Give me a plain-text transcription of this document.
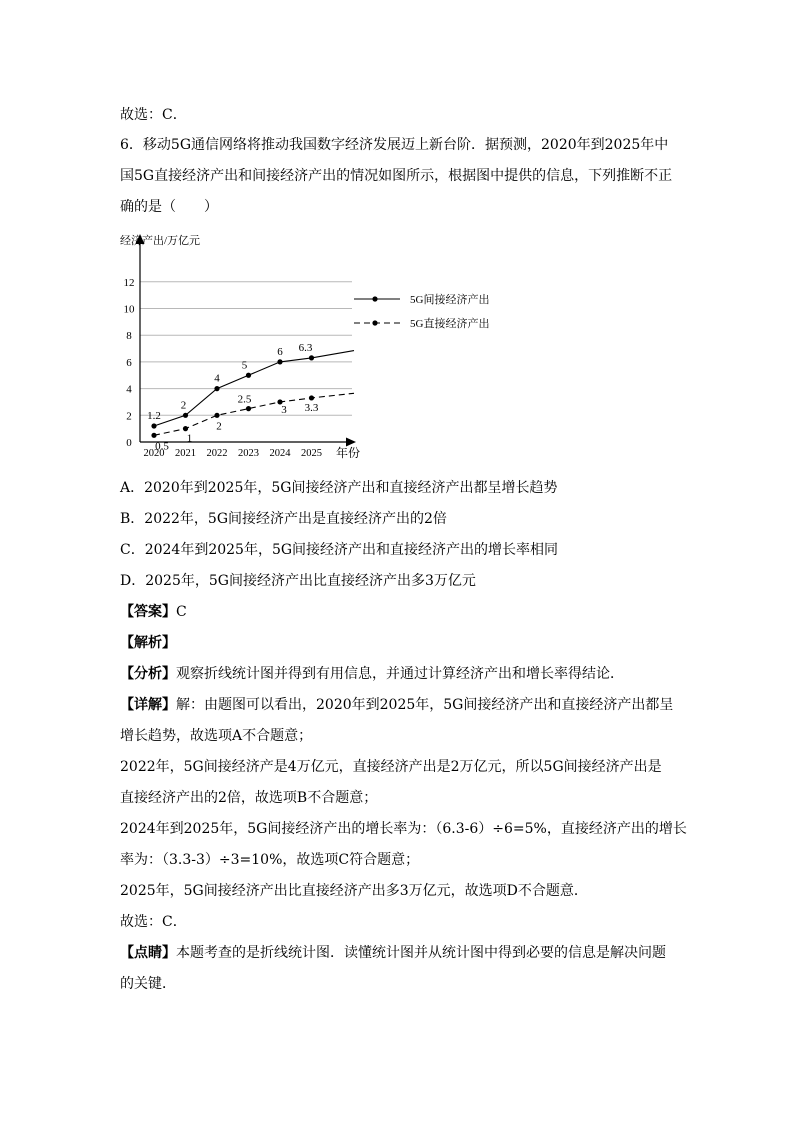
故选：C．
6．移动5G通信网络将推动我国数字经济发展迈上新台阶．据预测，2020年到2025年中
国5G直接经济产出和间接经济产出的情况如图所示，根据图中提供的信息，下列推断不正
确的是（　　）
经济产出/万亿元
年份
0
2
4
6
8
10
12
2020 2021 2022 2023 2024 2025
1.2
2
4
5
6 6.3
0.5
1
2
2.5
3 3.3
5G间接经济产出
5G直接经济产出
A．2020年到2025年，5G间接经济产出和直接经济产出都呈增长趋势
B．2022年，5G间接经济产出是直接经济产出的2倍
C．2024年到2025年，5G间接经济产出和直接经济产出的增长率相同
D．2025年，5G间接经济产出比直接经济产出多3万亿元
【答案】C
【解析】
【分析】观察折线统计图并得到有用信息，并通过计算经济产出和增长率得结论．
【详解】解：由题图可以看出，2020年到2025年，5G间接经济产出和直接经济产出都呈
增长趋势，故选项A不合题意；
2022年，5G间接经济产是4万亿元，直接经济产出是2万亿元，所以5G间接经济产出是
直接经济产出的2倍，故选项B不合题意；
2024年到2025年，5G间接经济产出的增长率为：（6.3-6）÷6=5%，直接经济产出的增长
率为：（3.3-3）÷3=10%，故选项C符合题意；
2025年，5G间接经济产出比直接经济产出多3万亿元，故选项D不合题意．
故选：C．
【点睛】本题考查的是折线统计图．读懂统计图并从统计图中得到必要的信息是解决问题
的关键．
